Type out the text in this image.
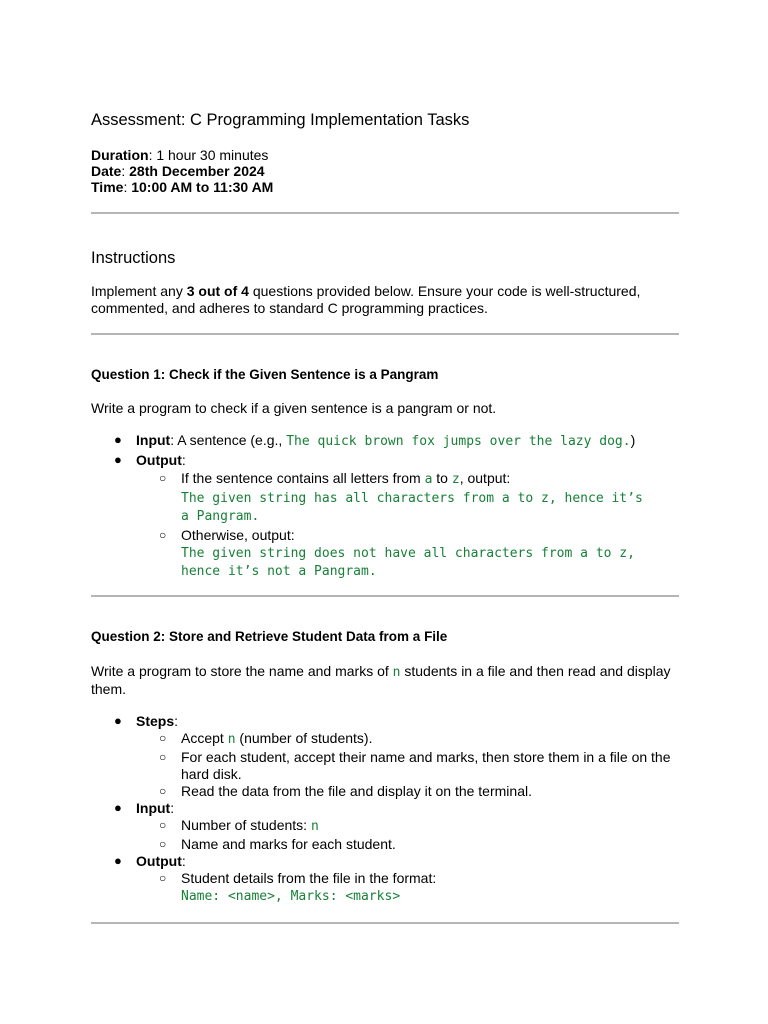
Assessment: C Programming Implementation Tasks

Duration: 1 hour 30 minutes

Date: 28th December 2024

Time: 10:00 AM to 11:30 AM

Instructions

Implement any 3 out of 4 questions provided below. Ensure your code is well-structured, commented, and adheres to standard C programming practices.

Question 1: Check if the Given Sentence is a Pangram

Write a program to check if a given sentence is a pangram or not.

● Input: A sentence (e.g., The quick brown fox jumps over the lazy dog.)
● Output:
○ If the sentence contains all letters from a to z, output:
The given string has all characters from a to z, hence it’s
a Pangram.
○ Otherwise, output:
The given string does not have all characters from a to z,
hence it’s not a Pangram.
Question 2: Store and Retrieve Student Data from a File

Write a program to store the name and marks of n students in a file and then read and display them.

● Steps:
○ Accept n (number of students).
○ For each student, accept their name and marks, then store them in a file on the hard disk.
○ Read the data from the file and display it on the terminal.
● Input:
○ Number of students: n
○ Name and marks for each student.
● Output:
○ Student details from the file in the format:
Name: <name>, Marks: <marks>
